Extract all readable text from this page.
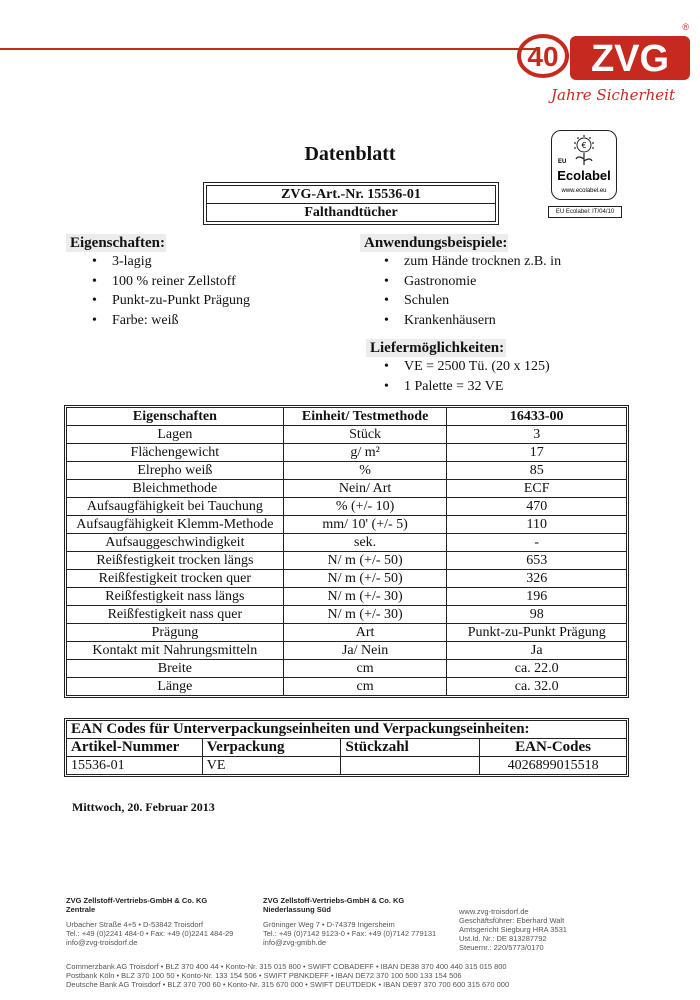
40 ZVG
®
Jahre Sicherheit
Datenblatt	€
EU
Ecolabel
www.ecolabel.eu
EU Ecolabel: IT/04/10
ZVG-Art.-Nr. 15536-01
Falthandtücher
Eigenschaften:
• 3-lagig
• 100 % reiner Zellstoff
• Punkt-zu-Punkt Prägung
• Farbe: weiß
Anwendungsbeispiele:
• zum Hände trocknen z.B. in
• Gastronomie
• Schulen
• Krankenhäusern
Liefermöglichkeiten:
• VE = 2500 Tü. (20 x 125)
• 1 Palette = 32 VE
Eigenschaften	Einheit/ Testmethode	16433-00
Lagen	Stück	3
Flächengewicht	g/ m²	17
Elrepho weiß	%	85
Bleichmethode	Nein/ Art	ECF
Aufsaugfähigkeit bei Tauchung	% (+/- 10)	470
Aufsaugfähigkeit Klemm-Methode	mm/ 10' (+/- 5)	110
Aufsauggeschwindigkeit	sek.	-
Reißfestigkeit trocken längs	N/ m (+/- 50)	653
Reißfestigkeit trocken quer	N/ m (+/- 50)	326
Reißfestigkeit nass längs	N/ m (+/- 30)	196
Reißfestigkeit nass quer	N/ m (+/- 30)	98
Prägung	Art	Punkt-zu-Punkt Prägung
Kontakt mit Nahrungsmitteln	Ja/ Nein	Ja
Breite	cm	ca. 22.0
Länge	cm	ca. 32.0
EAN Codes für Unterverpackungseinheiten und Verpackungseinheiten:			
Artikel-Nummer	Verpackung	Stückzahl	EAN-Codes
15536-01	VE		4026899015518
Mittwoch, 20. Februar 2013
ZVG Zellstoff-Vertriebs-GmbH & Co. KG
Zentrale
Urbacher Straße 4+5 • D-53842 Troisdorf
Tel.: +49 (0)2241 484-0 • Fax: +49 (0)2241 484-29
info@zvg-troisdorf.de
ZVG Zellstoff-Vertriebs-GmbH & Co. KG
Niederlassung Süd
Gröninger Weg 7 • D-74379 Ingersheim
Tel.: +49 (0)7142 9123-0 • Fax: +49 (0)7142 779131
info@zvg-gmbh.de
www.zvg-troisdorf.de
Geschäftsführer: Eberhard Walt
Amtsgericht Siegburg HRA 3531
Ust.Id. Nr.: DE 813287792
Steuernr.: 220/5773/0170
Commerzbank AG Troisdorf • BLZ 370 400 44 • Konto-Nr. 315 015 800 • SWIFT COBADEFF • IBAN DE38 370 400 440 315 015 800
Postbank Köln • BLZ 370 100 50 • Konto-Nr. 133 154 506 • SWIFT PBNKDEFF • IBAN DE72 370 100 500 133 154 506
Deutsche Bank AG Troisdorf • BLZ 370 700 60 • Konto-Nr. 315 670 000 • SWIFT DEUTDEDK • IBAN DE97 370 700 600 315 670 000
